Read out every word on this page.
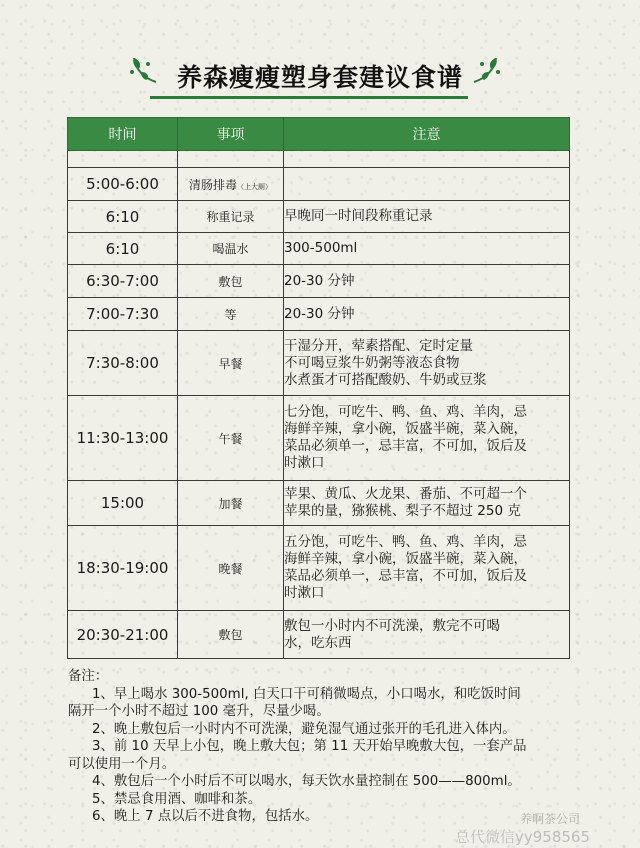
养森瘦瘦塑身套建议食谱
时间	事项	注意

5:00-6:00	清肠排毒（上大厕）	
6:10	称重记录	早晚同一时间段称重记录

6:10	喝温水	300-500ml

6:30-7:00	敷包	20-30 分钟

7:00-7:30	等	20-30 分钟

7:30-8:00	早餐	干湿分开，荤素搭配、定时定量
不可喝豆浆牛奶粥等液态食物
水煮蛋才可搭配酸奶、牛奶或豆浆

11:30-13:00	午餐	七分饱，可吃牛、鸭、鱼、鸡、羊肉，忌
海鲜辛辣，拿小碗，饭盛半碗，菜入碗，
菜品必须单一，忌丰富，不可加，饭后及
时漱口

15:00	加餐	苹果、黄瓜、火龙果、番茄、不可超一个
苹果的量，猕猴桃、梨子不超过 250 克

18:30-19:00	晚餐	五分饱，可吃牛、鸭、鱼、鸡、羊肉，忌
海鲜辛辣，拿小碗，饭盛半碗，菜入碗，
菜品必须单一，忌丰富，不可加，饭后及
时漱口

20:30-21:00	敷包	敷包一小时内不可洗澡，敷完不可喝
水，吃东西

备注：

1、早上喝水 300-500ml, 白天口干可稍微喝点，小口喝水，和吃饭时间

隔开一个小时不超过 100 毫升，尽量少喝。

2、晚上敷包后一小时内不可洗澡，避免湿气通过张开的毛孔进入体内。

3、前 10 天早上小包，晚上敷大包；第 11 天开始早晚敷大包，一套产品

可以使用一个月。

4、敷包后一个小时后不可以喝水，每天饮水量控制在 500——800ml。

5、禁忌食用酒、咖啡和茶。

6、晚上 7 点以后不进食物，包括水。	养啊茶公司
总代微信yy958565
